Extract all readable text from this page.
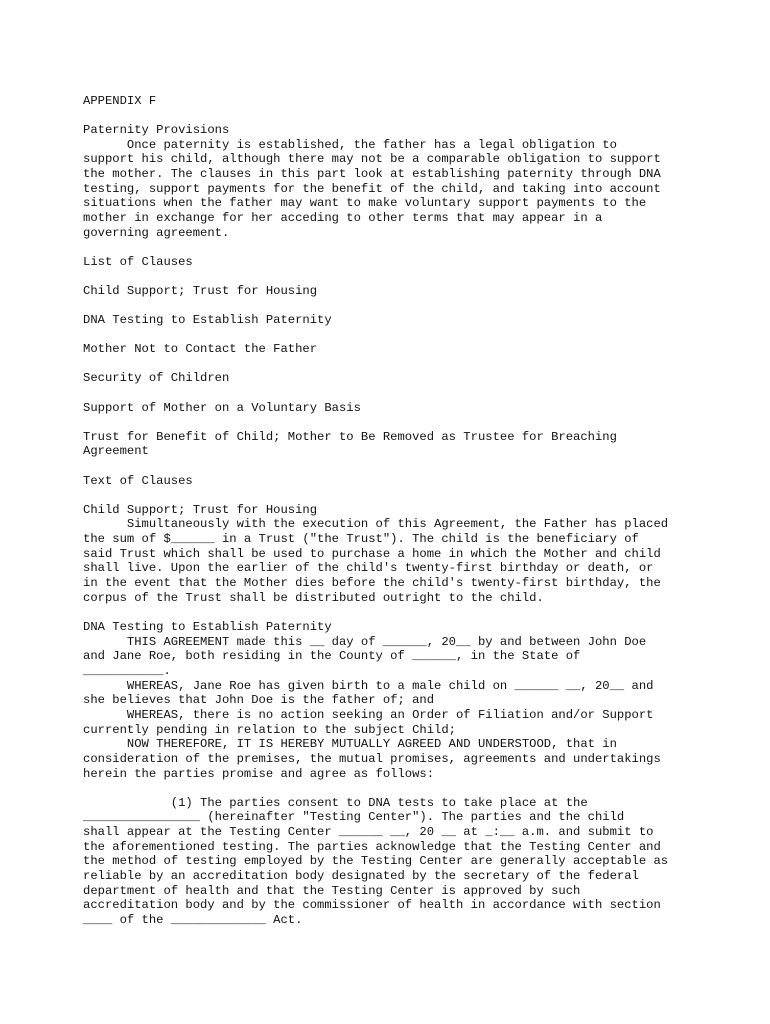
APPENDIX F
Paternity Provisions
Once paternity is established, the father has a legal obligation to
support his child, although there may not be a comparable obligation to support
the mother. The clauses in this part look at establishing paternity through DNA
testing, support payments for the benefit of the child, and taking into account
situations when the father may want to make voluntary support payments to the
mother in exchange for her acceding to other terms that may appear in a
governing agreement.
List of Clauses
Child Support; Trust for Housing
DNA Testing to Establish Paternity
Mother Not to Contact the Father
Security of Children
Support of Mother on a Voluntary Basis
Trust for Benefit of Child; Mother to Be Removed as Trustee for Breaching
Agreement
Text of Clauses
Child Support; Trust for Housing
Simultaneously with the execution of this Agreement, the Father has placed
the sum of $______ in a Trust ("the Trust"). The child is the beneficiary of
said Trust which shall be used to purchase a home in which the Mother and child
shall live. Upon the earlier of the child's twenty-first birthday or death, or
in the event that the Mother dies before the child's twenty-first birthday, the
corpus of the Trust shall be distributed outright to the child.
DNA Testing to Establish Paternity
THIS AGREEMENT made this __ day of ______, 20__ by and between John Doe
and Jane Roe, both residing in the County of ______, in the State of
___________.
WHEREAS, Jane Roe has given birth to a male child on ______ __, 20__ and
she believes that John Doe is the father of; and
WHEREAS, there is no action seeking an Order of Filiation and/or Support
currently pending in relation to the subject Child;
NOW THEREFORE, IT IS HEREBY MUTUALLY AGREED AND UNDERSTOOD, that in
consideration of the premises, the mutual promises, agreements and undertakings
herein the parties promise and agree as follows:
(1) The parties consent to DNA tests to take place at the
________________ (hereinafter "Testing Center"). The parties and the child
shall appear at the Testing Center ______ __, 20 __ at _:__ a.m. and submit to
the aforementioned testing. The parties acknowledge that the Testing Center and
the method of testing employed by the Testing Center are generally acceptable as
reliable by an accreditation body designated by the secretary of the federal
department of health and that the Testing Center is approved by such
accreditation body and by the commissioner of health in accordance with section
____ of the _____________ Act.
